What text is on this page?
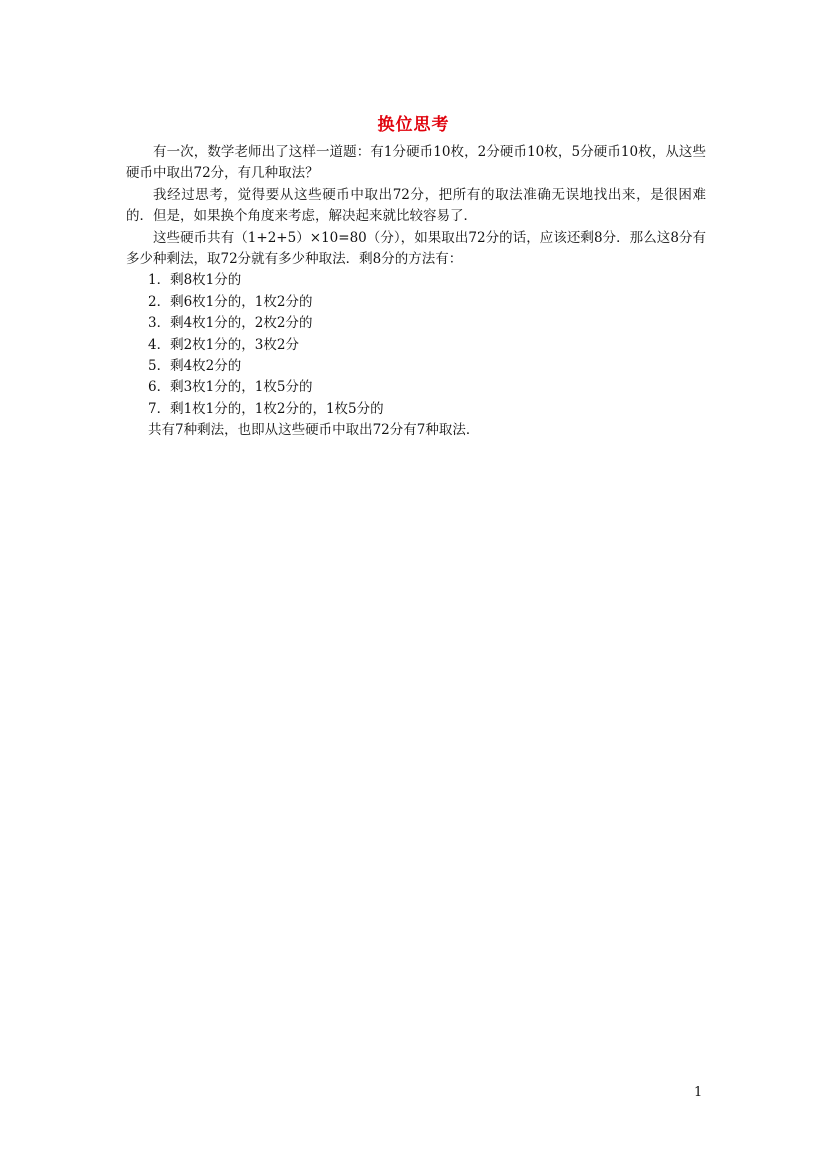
换位思考

有一次，数学老师出了这样一道题：有1分硬币10枚，2分硬币10枚，5分硬币10枚，从这些硬币中取出72分，有几种取法？

我经过思考，觉得要从这些硬币中取出72分，把所有的取法准确无误地找出来，是很困难的．但是，如果换个角度来考虑，解决起来就比较容易了．

这些硬币共有（1+2+5）×10=80（分），如果取出72分的话，应该还剩8分．那么这8分有多少种剩法，取72分就有多少种取法．剩8分的方法有：

1．剩8枚1分的
2．剩6枚1分的，1枚2分的
3．剩4枚1分的，2枚2分的
4．剩2枚1分的，3枚2分
5．剩4枚2分的
6．剩3枚1分的，1枚5分的
7．剩1枚1分的，1枚2分的，1枚5分的

共有7种剩法，也即从这些硬币中取出72分有7种取法．

1
